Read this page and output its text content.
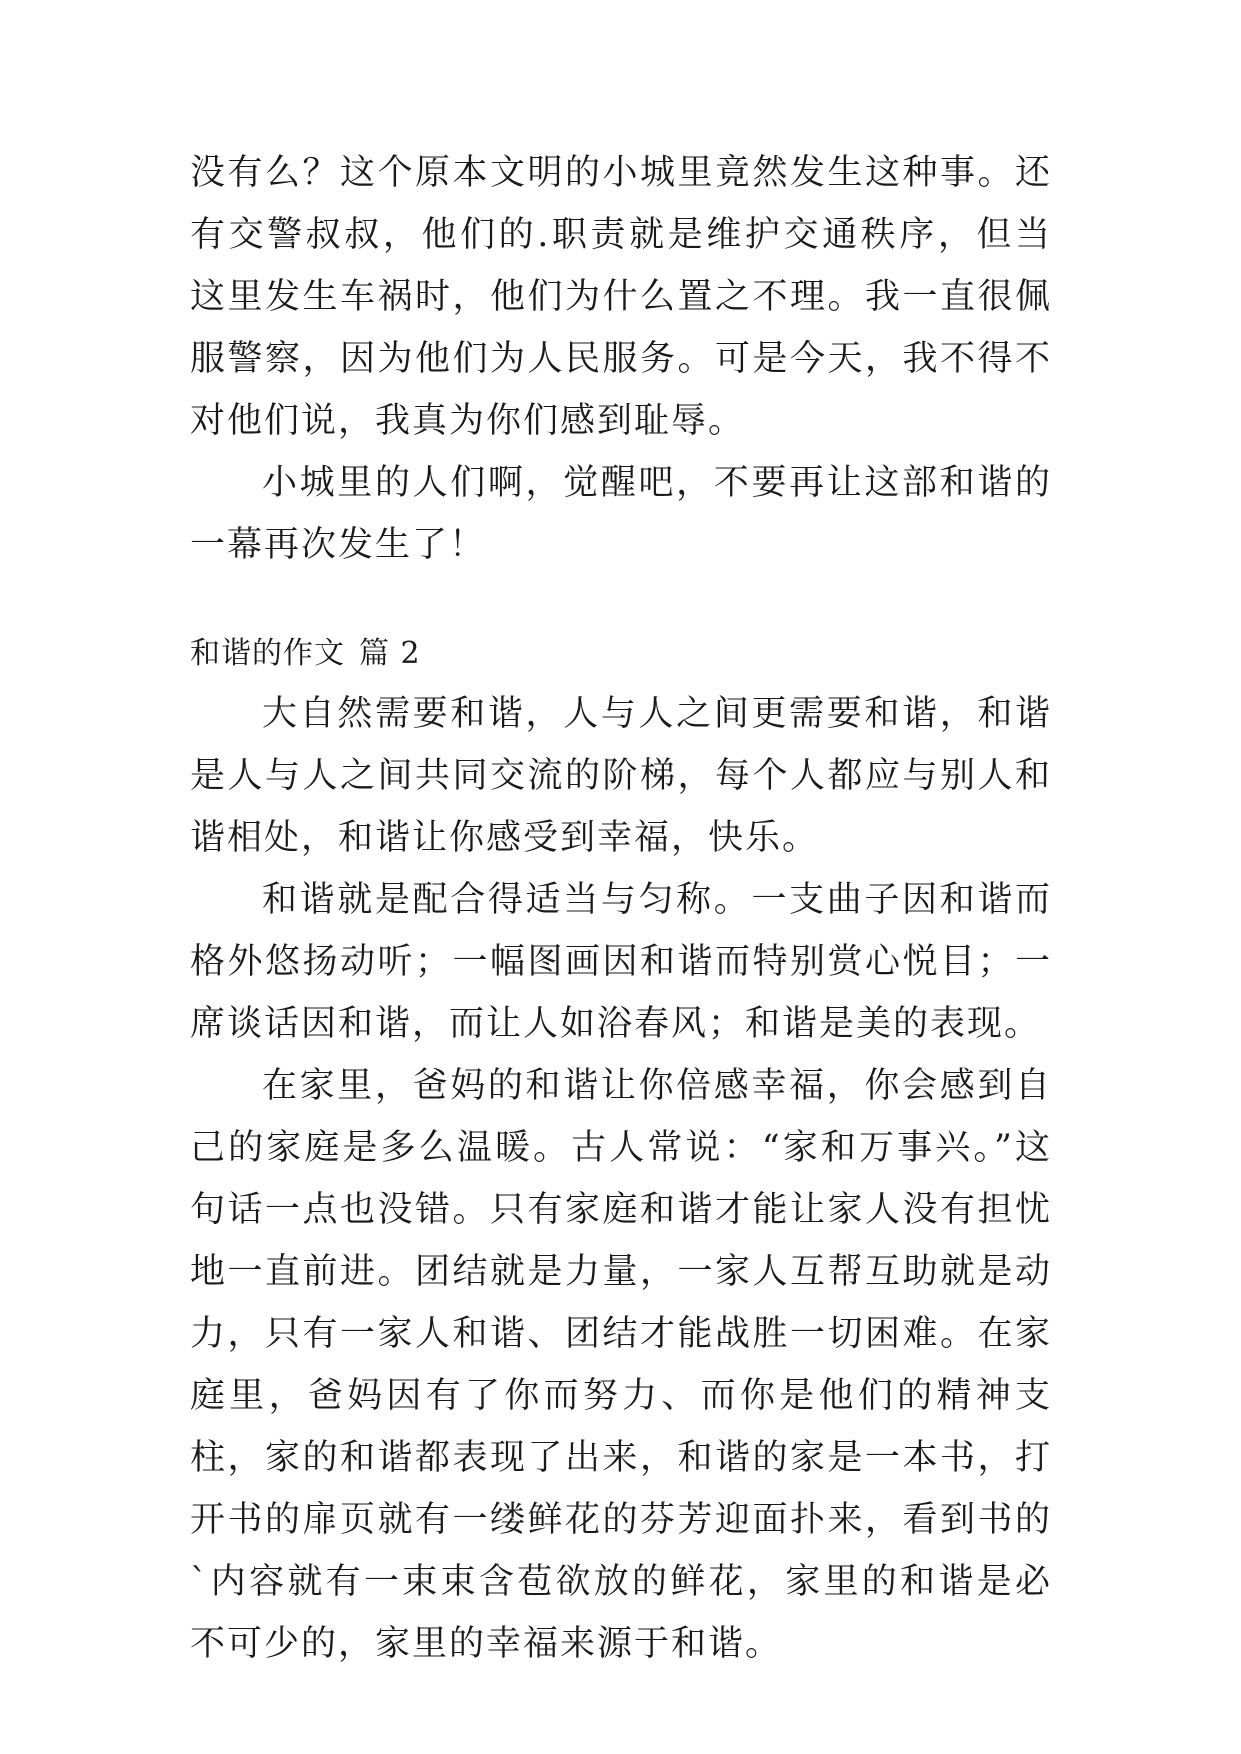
没有么？这个原本文明的小城里竟然发生这种事。还有交警叔叔，他们的.职责就是维护交通秩序，但当这里发生车祸时，他们为什么置之不理。我一直很佩服警察，因为他们为人民服务。可是今天，我不得不对他们说，我真为你们感到耻辱。

小城里的人们啊，觉醒吧，不要再让这部和谐的一幕再次发生了！

和谐的作文 篇 2

大自然需要和谐，人与人之间更需要和谐，和谐是人与人之间共同交流的阶梯，每个人都应与别人和谐相处，和谐让你感受到幸福，快乐。

和谐就是配合得适当与匀称。一支曲子因和谐而格外悠扬动听；一幅图画因和谐而特别赏心悦目；一席谈话因和谐，而让人如浴春风；和谐是美的表现。

在家里，爸妈的和谐让你倍感幸福，你会感到自己的家庭是多么温暖。古人常说：“家和万事兴。”这句话一点也没错。只有家庭和谐才能让家人没有担忧地一直前进。团结就是力量，一家人互帮互助就是动力，只有一家人和谐、团结才能战胜一切困难。在家庭里，爸妈因有了你而努力、而你是他们的精神支柱，家的和谐都表现了出来，和谐的家是一本书，打开书的扉页就有一缕鲜花的芬芳迎面扑来，看到书的`内容就有一束束含苞欲放的鲜花，家里的和谐是必不可少的，家里的幸福来源于和谐。
